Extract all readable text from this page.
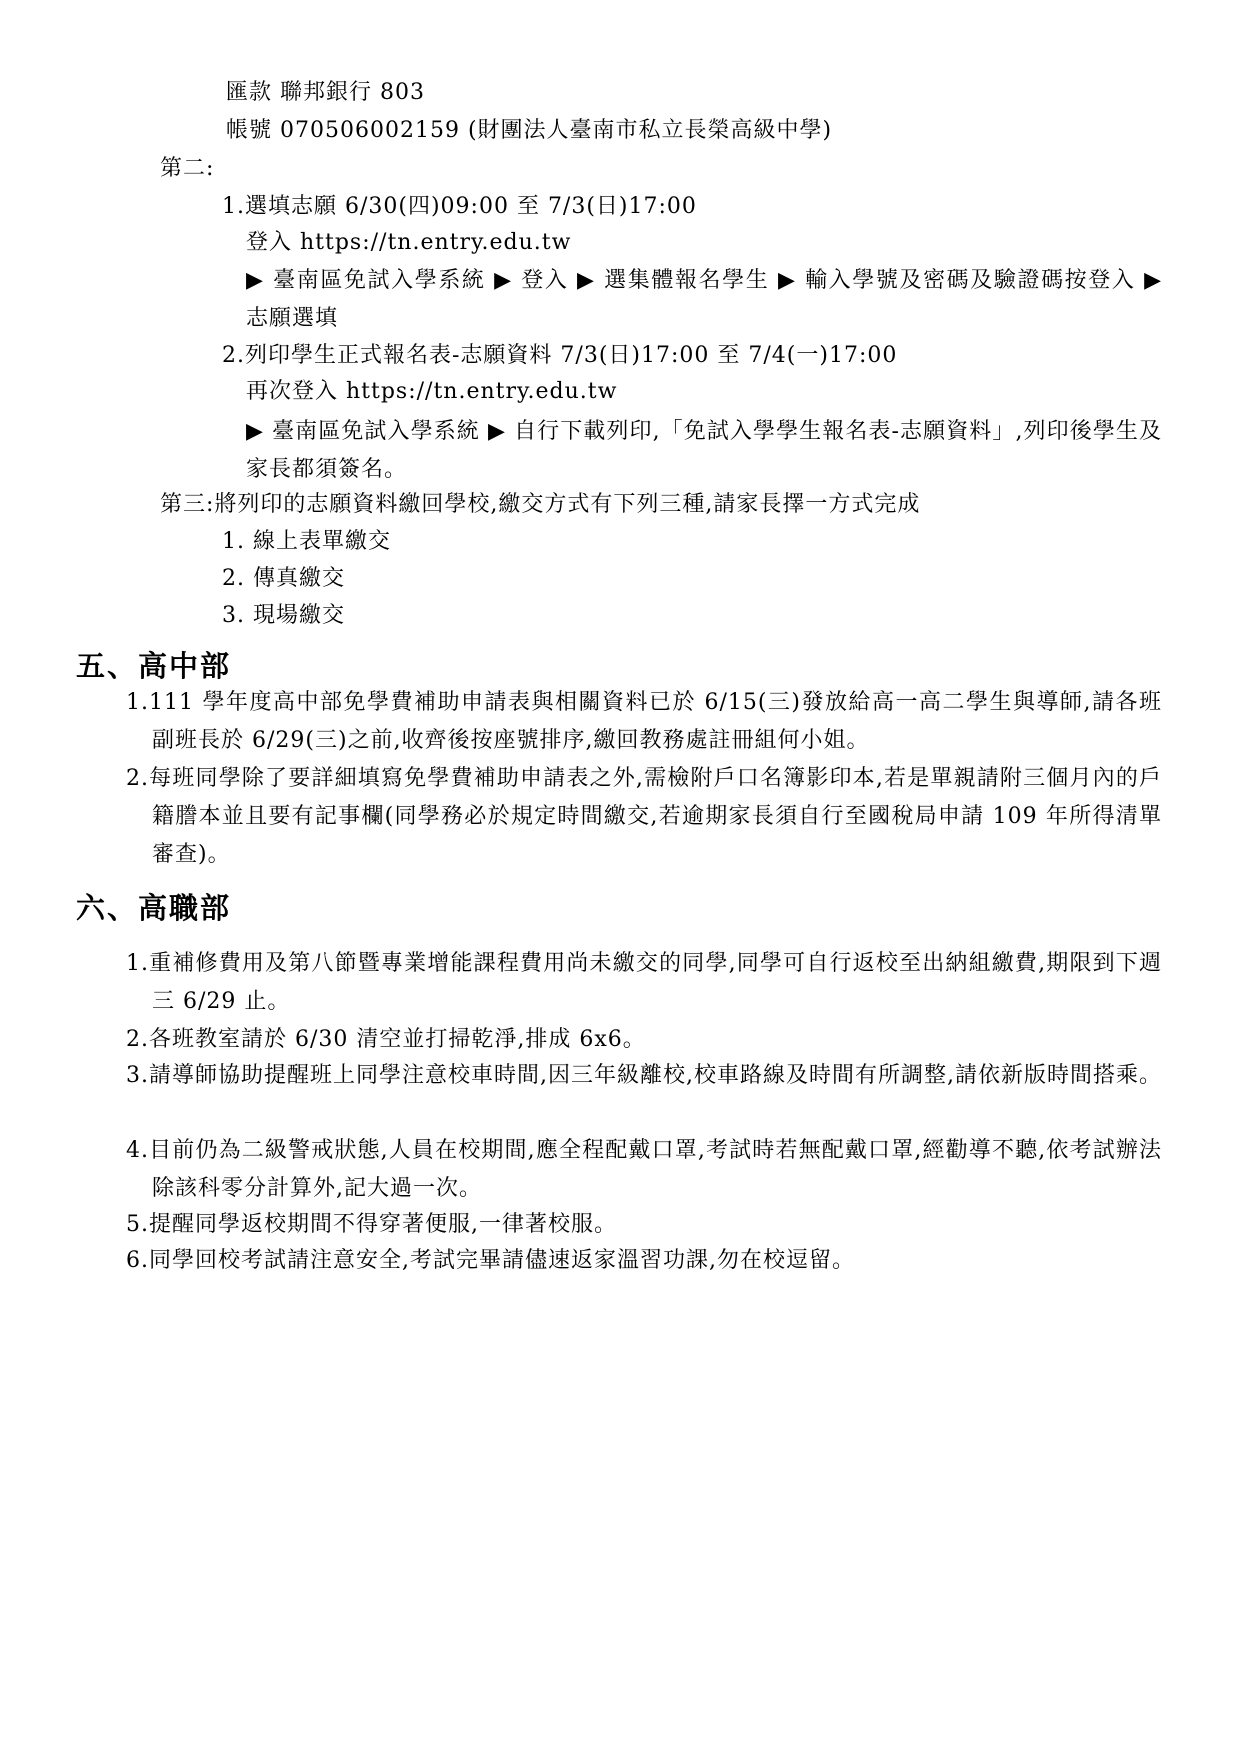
匯款 聯邦銀行 803
帳號 070506002159 (財團法人臺南市私立長榮高級中學)
第二:
1.選填志願 6/30(四)09:00 至 7/3(日)17:00
登入 https://tn.entry.edu.tw
▶ 臺南區免試入學系統 ▶ 登入 ▶ 選集體報名學生 ▶ 輸入學號及密碼及驗證碼按登入 ▶ 志願選填
2.列印學生正式報名表-志願資料 7/3(日)17:00 至 7/4(一)17:00
再次登入 https://tn.entry.edu.tw
▶ 臺南區免試入學系統 ▶ 自行下載列印,「免試入學學生報名表-志願資料」,列印後學生及家長都須簽名。
第三:將列印的志願資料繳回學校,繳交方式有下列三種,請家長擇一方式完成
1. 線上表單繳交
2. 傳真繳交
3. 現場繳交
五、高中部
1.111 學年度高中部免學費補助申請表與相關資料已於 6/15(三)發放給高一高二學生與導師,請各班副班長於 6/29(三)之前,收齊後按座號排序,繳回教務處註冊組何小姐。
2.每班同學除了要詳細填寫免學費補助申請表之外,需檢附戶口名簿影印本,若是單親請附三個月內的戶籍謄本並且要有記事欄(同學務必於規定時間繳交,若逾期家長須自行至國稅局申請 109 年所得清單審查)。
六、高職部
1.重補修費用及第八節暨專業增能課程費用尚未繳交的同學,同學可自行返校至出納組繳費,期限到下週三 6/29 止。
2.各班教室請於 6/30 清空並打掃乾淨,排成 6x6。
3.請導師協助提醒班上同學注意校車時間,因三年級離校,校車路線及時間有所調整,請依新版時間搭乘。
4.目前仍為二級警戒狀態,人員在校期間,應全程配戴口罩,考試時若無配戴口罩,經勸導不聽,依考試辦法除該科零分計算外,記大過一次。
5.提醒同學返校期間不得穿著便服,一律著校服。
6.同學回校考試請注意安全,考試完畢請儘速返家溫習功課,勿在校逗留。
